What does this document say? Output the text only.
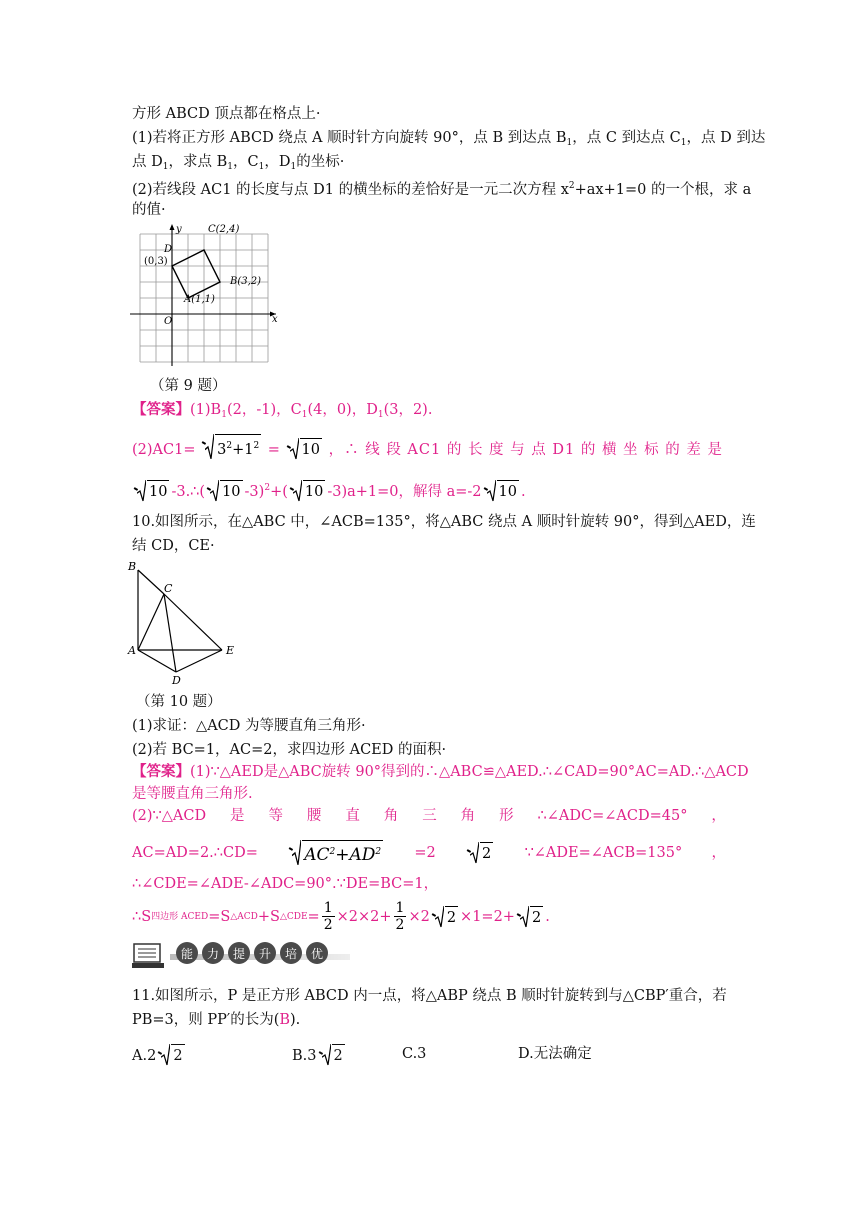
方形 ABCD 顶点都在格点上·
(1)若将正方形 ABCD 绕点 A 顺时针方向旋转 90°，点 B 到达点 $B_1$，点 C 到达点 $C_1$，点 D 到达
点 $D_1$，求点 $B_1$，$C_1$，$D_1$的坐标·
(2)若线段 AC1 的长度与点 D1 的横坐标的差恰好是一元二次方程 $x^2+ax+1=0$ 的一个根，求 a
的值·
y
x
O
D
(0,3)
C(2,4)
B(3,2)
A(1,1)
（第 9 题）
【答案】$(1)B_1(2$，-1)，$C_1(4$，0)，$D_1(3$，2).
$(2)AC1= 3^2+1^2 = 10$ ，∴ 线 段 AC1 的 长 度 与 点 D1 的 横 坐 标 的 差 是
10 -3.∴( 10 -3)$^2$+( 10 -3)a+1=0，解得 a=-2 10 .
10.如图所示，在△ABC 中，∠ACB=135°，将△ABC 绕点 A 顺时针旋转 90°，得到△AED，连
结 CD，CE·
B
C
A	E
D
（第 10 题）
(1)求证：△ACD 为等腰直角三角形·
(2)若 BC=1，AC=2，求四边形 ACED 的面积·
【答案】(1)∵△AED是△ABC旋转 90°得到的∴△ABC≌△AED.∴∠CAD=90°AC=AD.∴△ACD
是等腰直角三角形.
(2)∵△ACD 是 等 腰 直 角 三 角 形 ∴∠ADC=∠ACD=45° ，
AC=AD=2.∴CD=	$AC^2+AD^2 =2$	2 ∵∠ADE=∠ACB=135° ，
∴∠CDE=∠ADE-∠ADC=90°.∵DE=BC=1，
∴S 四边形 ACED =S △ACD +S △CDE = $\frac{1}{2} \times 2\times 2+ \frac{1}{2} \times 2$	2 ×1=2+	2 .
能	力	提	升	培	优
11.如图所示，P 是正方形 ABCD 内一点，将△ABP 绕点 B 顺时针旋转到与△CBP′重合，若
PB=3，则 PP′的长为(B).
A.2 2	B.3 2	C.3	D.无法确定
